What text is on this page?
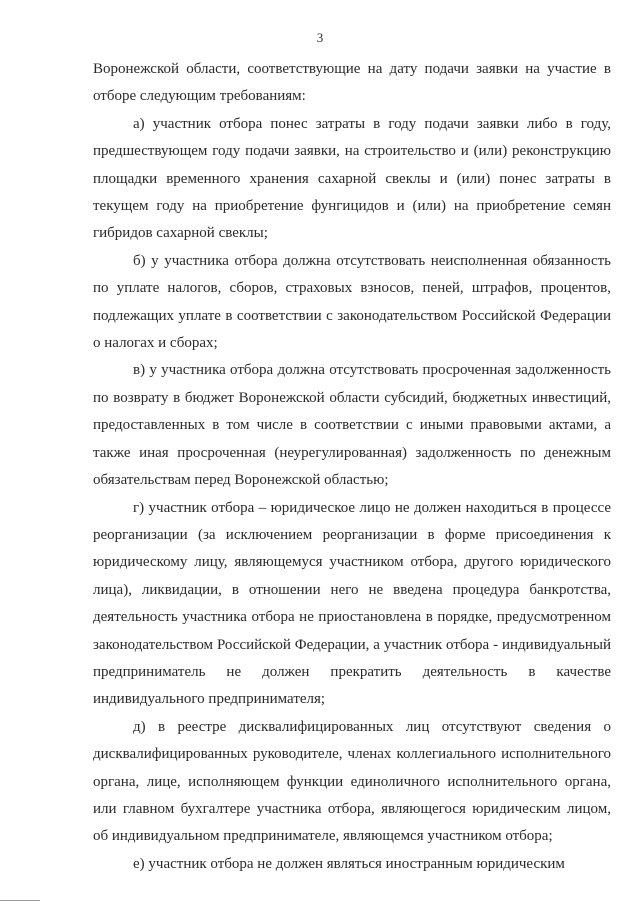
3

Воронежской области, соответствующие на дату подачи заявки на участие в отборе следующим требованиям:

а) участник отбора понес затраты в году подачи заявки либо в году, предшествующем году подачи заявки, на строительство и (или) реконструкцию площадки временного хранения сахарной свеклы и (или) понес затраты в текущем году на приобретение фунгицидов и (или) на приобретение семян гибридов сахарной свеклы;

б) у участника отбора должна отсутствовать неисполненная обязанность по уплате налогов, сборов, страховых взносов, пеней, штрафов, процентов, подлежащих уплате в соответствии с законодательством Российской Федерации о налогах и сборах;

в) у участника отбора должна отсутствовать просроченная задолженность по возврату в бюджет Воронежской области субсидий, бюджетных инвестиций, предоставленных в том числе в соответствии с иными правовыми актами, а также иная просроченная (неурегулированная) задолженность по денежным обязательствам перед Воронежской областью;

г) участник отбора – юридическое лицо не должен находиться в процессе реорганизации (за исключением реорганизации в форме присоединения к юридическому лицу, являющемуся участником отбора, другого юридического лица), ликвидации, в отношении него не введена процедура банкротства, деятельность участника отбора не приостановлена в порядке, предусмотренном законодательством Российской Федерации, а участник отбора - индивидуальный предприниматель не должен прекратить деятельность в качестве индивидуального предпринимателя;

д) в реестре дисквалифицированных лиц отсутствуют сведения о дисквалифицированных руководителе, членах коллегиального исполнительного органа, лице, исполняющем функции единоличного исполнительного органа, или главном бухгалтере участника отбора, являющегося юридическим лицом, об индивидуальном предпринимателе, являющемся участником отбора;

е) участник отбора не должен являться иностранным юридическим
